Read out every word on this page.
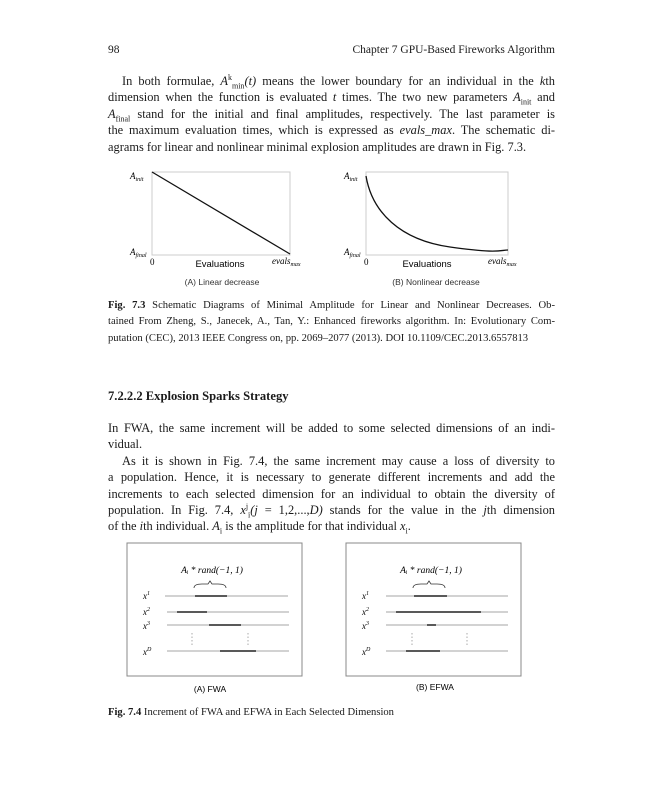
98	Chapter 7 GPU-Based Fireworks Algorithm
In both formulae, $A^k_{min}(t)$ means the lower boundary for an individual in the kth
dimension when the function is evaluated t times. The two new parameters $A_{init}$ and
$A_{final}$ stand for the initial and final amplitudes, respectively. The last parameter is
the maximum evaluation times, which is expressed as evals_max. The schematic di-
agrams for linear and nonlinear minimal explosion amplitudes are drawn in Fig. 7.3.
$A_{init}$
$A_{final}$
0	Evaluations	evals$_{max}$
(A) Linear decrease
$A_{init}$
$A_{final}$
0	Evaluations	evals$_{max}$
(B) Nonlinear decrease
Aᵢ * rand(−1, 1)
$x^1$
$x^2$
$x^3$
$x^D$
(A) FWA
Aᵢ * rand(−1, 1)
$x^1$
$x^2$
$x^3$
$x^D$
(B) EFWA
Fig. 7.3 Schematic Diagrams of Minimal Amplitude for Linear and Nonlinear Decreases. Ob-
tained From Zheng, S., Janecek, A., Tan, Y.: Enhanced fireworks algorithm. In: Evolutionary Com-
putation (CEC), 2013 IEEE Congress on, pp. 2069–2077 (2013). DOI 10.1109/CEC.2013.6557813
7.2.2.2 Explosion Sparks Strategy
In FWA, the same increment will be added to some selected dimensions of an indi-
vidual.
As it is shown in Fig. 7.4, the same increment may cause a loss of diversity to
a population. Hence, it is necessary to generate different increments and add the
increments to each selected dimension for an individual to obtain the diversity of
population. In Fig. 7.4, $x^j_i(j = 1,2,...,D)$ stands for the value in the jth dimension
of the ith individual. $A_i$ is the amplitude for that individual $x_i$.
Fig. 7.4 Increment of FWA and EFWA in Each Selected Dimension
